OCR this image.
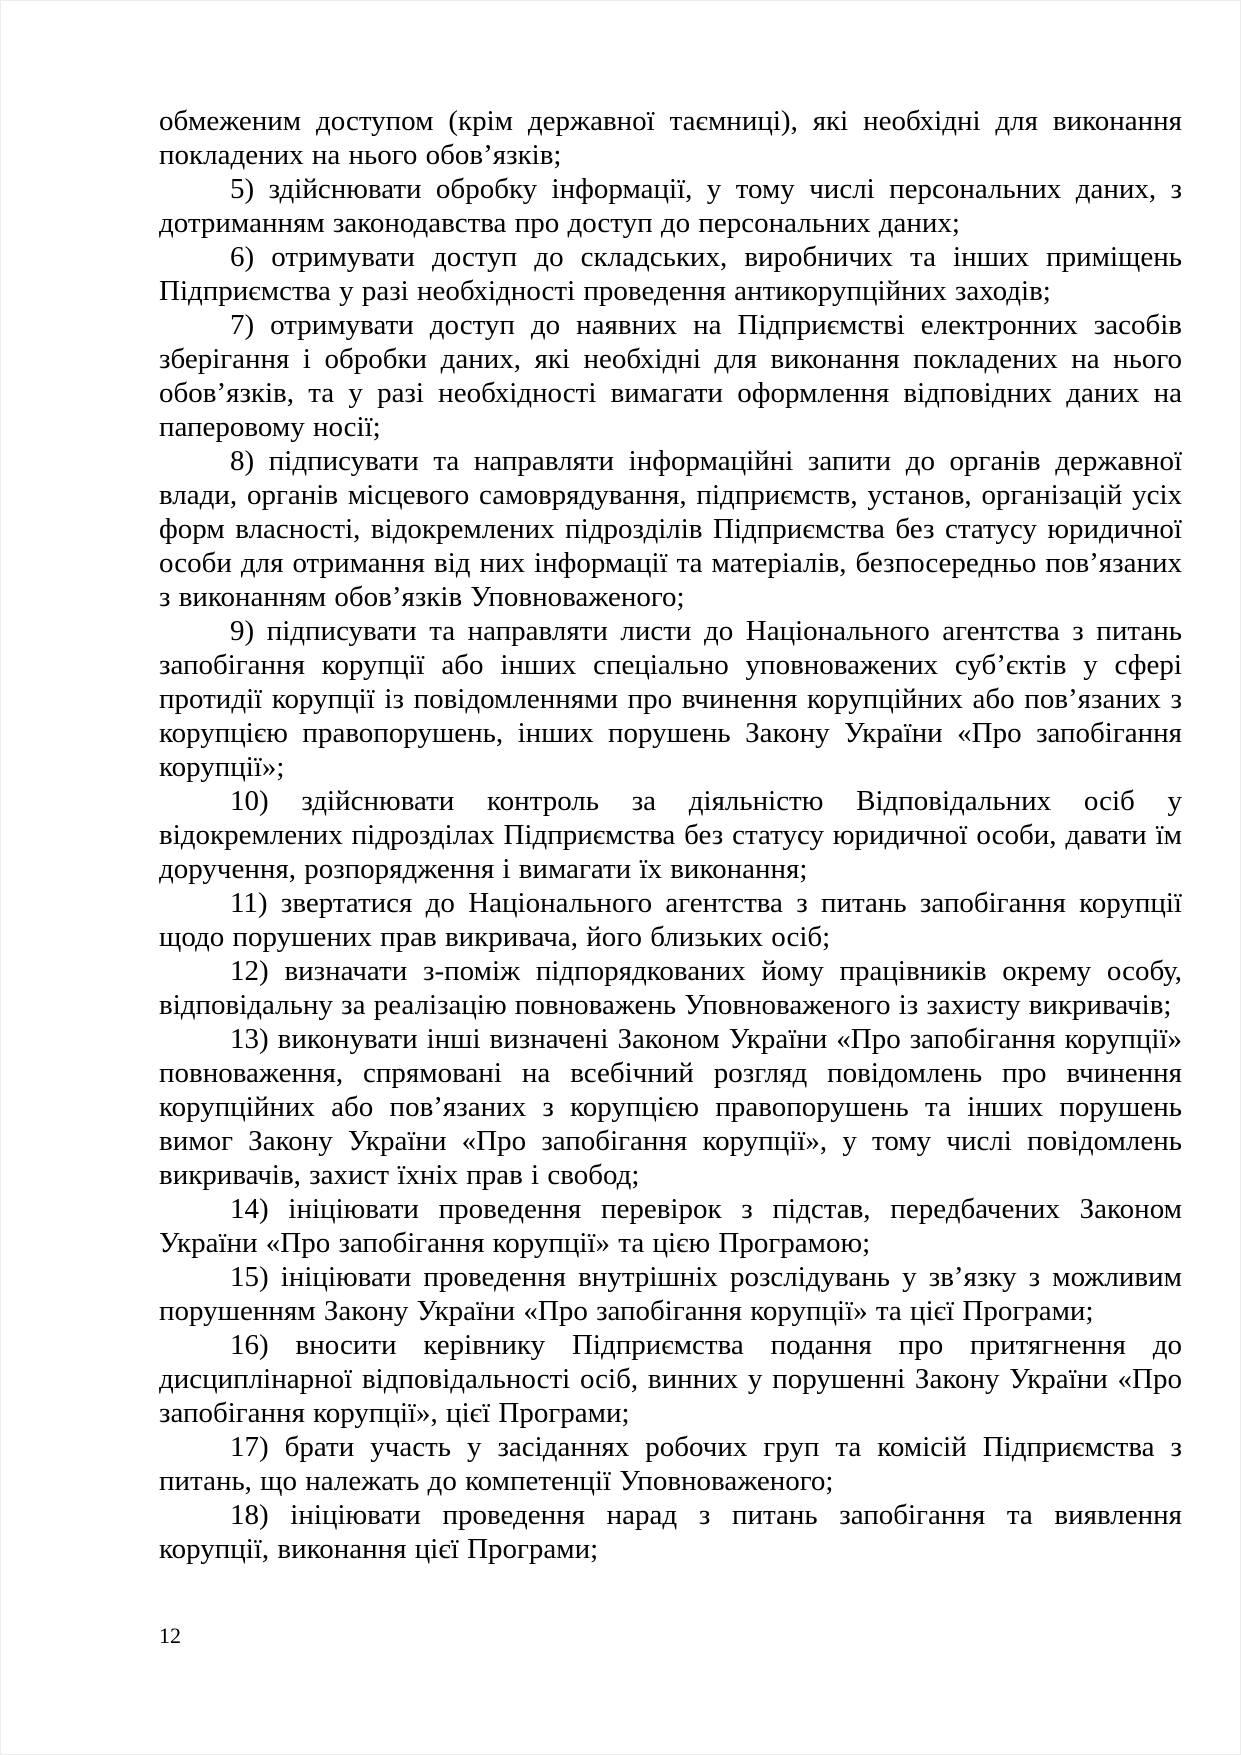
обмеженим доступом (крім державної таємниці), які необхідні для виконання покладених на нього обов’язків;

5) здійснювати обробку інформації, у тому числі персональних даних, з дотриманням законодавства про доступ до персональних даних;

6) отримувати доступ до складських, виробничих та інших приміщень Підприємства у разі необхідності проведення антикорупційних заходів;

7) отримувати доступ до наявних на Підприємстві електронних засобів зберігання і обробки даних, які необхідні для виконання покладених на нього обов’язків, та у разі необхідності вимагати оформлення відповідних даних на паперовому носії;

8) підписувати та направляти інформаційні запити до органів державної влади, органів місцевого самоврядування, підприємств, установ, організацій усіх форм власності, відокремлених підрозділів Підприємства без статусу юридичної особи для отримання від них інформації та матеріалів, безпосередньо пов’язаних з виконанням обов’язків Уповноваженого;

9) підписувати та направляти листи до Національного агентства з питань запобігання корупції або інших спеціально уповноважених суб’єктів у сфері протидії корупції із повідомленнями про вчинення корупційних або пов’язаних з корупцією правопорушень, інших порушень Закону України «Про запобігання корупції»;

10) здійснювати контроль за діяльністю Відповідальних осіб у відокремлених підрозділах Підприємства без статусу юридичної особи, давати їм доручення, розпорядження і вимагати їх виконання;

11) звертатися до Національного агентства з питань запобігання корупції щодо порушених прав викривача, його близьких осіб;

12) визначати з-поміж підпорядкованих йому працівників окрему особу, відповідальну за реалізацію повноважень Уповноваженого із захисту викривачів;

13) виконувати інші визначені Законом України «Про запобігання корупції» повноваження, спрямовані на всебічний розгляд повідомлень про вчинення корупційних або пов’язаних з корупцією правопорушень та інших порушень вимог Закону України «Про запобігання корупції», у тому числі повідомлень викривачів, захист їхніх прав і свобод;

14) ініціювати проведення перевірок з підстав, передбачених Законом України «Про запобігання корупції» та цією Програмою;

15) ініціювати проведення внутрішніх розслідувань у зв’язку з можливим порушенням Закону України «Про запобігання корупції» та цієї Програми;

16) вносити керівнику Підприємства подання про притягнення до дисциплінарної відповідальності осіб, винних у порушенні Закону України «Про запобігання корупції», цієї Програми;

17) брати участь у засіданнях робочих груп та комісій Підприємства з питань, що належать до компетенції Уповноваженого;

18) ініціювати проведення нарад з питань запобігання та виявлення корупції, виконання цієї Програми;

12
